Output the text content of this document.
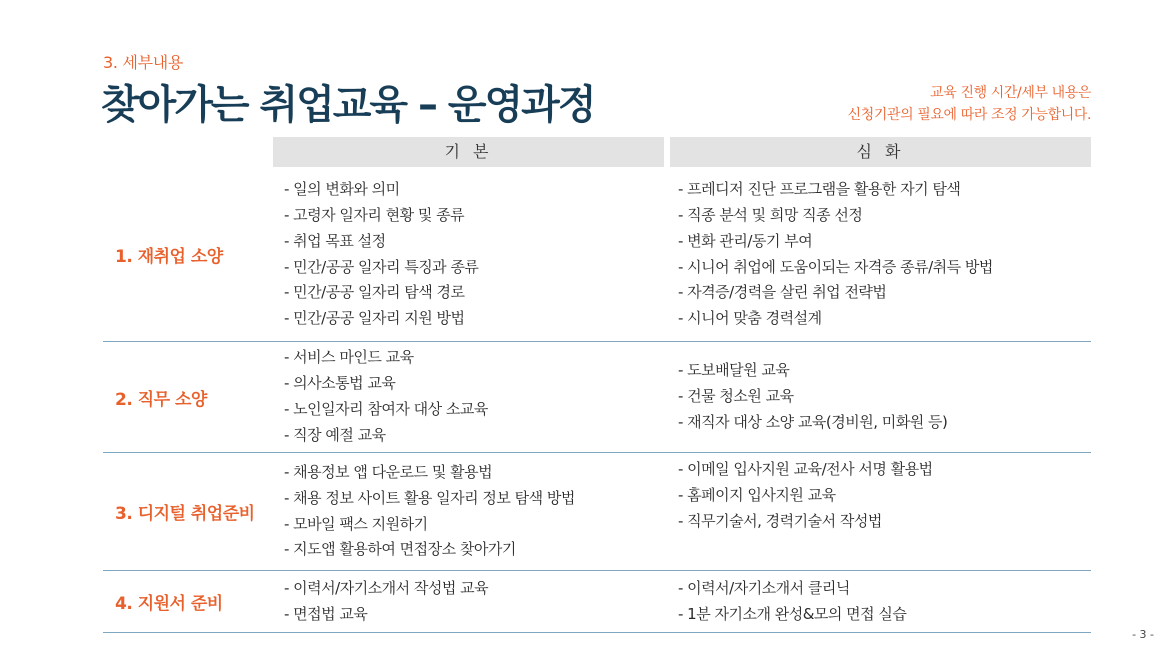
3. 세부내용
찾아가는 취업교육 – 운영과정	교육 진행 시간/세부 내용은
신청기관의 필요에 따라 조정 가능합니다.
기 본	심 화
1. 재취업 소양
- 일의 변화와 의미
- 고령자 일자리 현황 및 종류
- 취업 목표 설정
- 민간/공공 일자리 특징과 종류
- 민간/공공 일자리 탐색 경로
- 민간/공공 일자리 지원 방법
- 프레디저 진단 프로그램을 활용한 자기 탐색
- 직종 분석 및 희망 직종 선정
- 변화 관리/동기 부여
- 시니어 취업에 도움이되는 자격증 종류/취득 방법
- 자격증/경력을 살린 취업 전략법
- 시니어 맞춤 경력설계
2. 직무 소양
- 서비스 마인드 교육
- 의사소통법 교육
- 노인일자리 참여자 대상 소교육
- 직장 예절 교육
- 도보배달원 교육
- 건물 청소원 교육
- 재직자 대상 소양 교육(경비원, 미화원 등)
3. 디지털 취업준비
- 채용정보 앱 다운로드 및 활용법
- 채용 정보 사이트 활용 일자리 정보 탐색 방법
- 모바일 팩스 지원하기
- 지도앱 활용하여 면접장소 찾아가기
- 이메일 입사지원 교육/전사 서명 활용법
- 홈페이지 입사지원 교육
- 직무기술서, 경력기술서 작성법
4. 지원서 준비
- 이력서/자기소개서 작성법 교육
- 면접법 교육
- 이력서/자기소개서 클리닉
- 1분 자기소개 완성&모의 면접 실습
- 3 -
